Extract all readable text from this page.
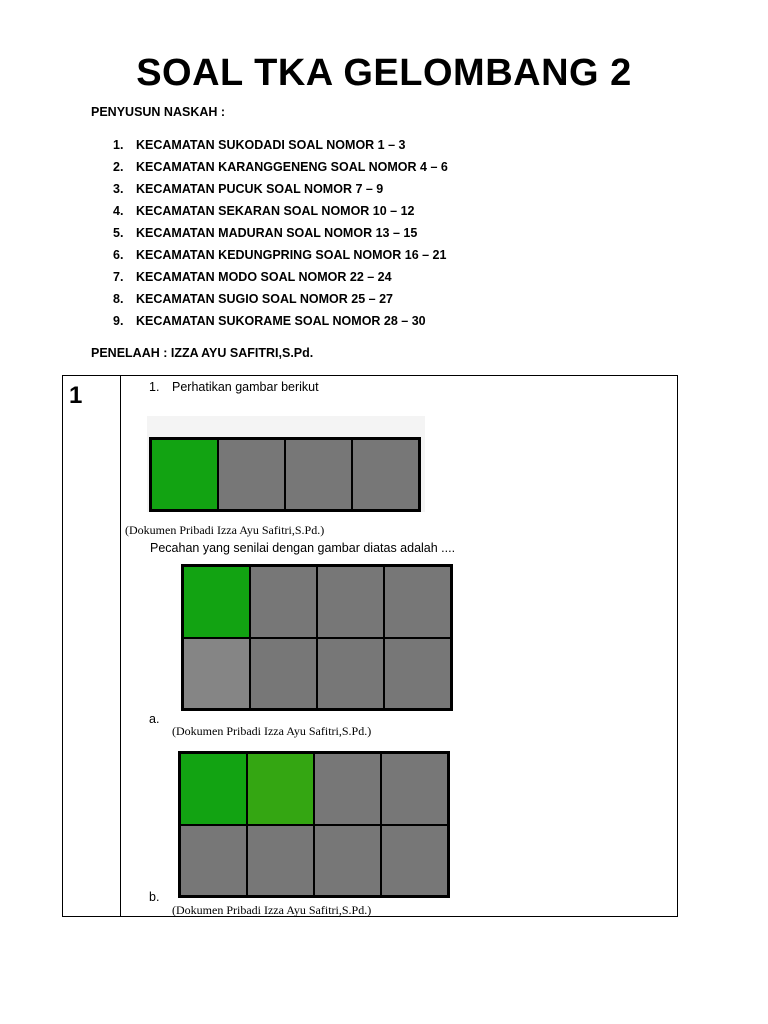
SOAL TKA GELOMBANG 2
PENYUSUN NASKAH :
1. KECAMATAN SUKODADI SOAL NOMOR 1 – 3
2. KECAMATAN KARANGGENENG SOAL NOMOR 4 – 6
3. KECAMATAN PUCUK SOAL NOMOR 7 – 9
4. KECAMATAN SEKARAN SOAL NOMOR 10 – 12
5. KECAMATAN MADURAN SOAL NOMOR 13 – 15
6. KECAMATAN KEDUNGPRING SOAL NOMOR 16 – 21
7. KECAMATAN MODO SOAL NOMOR 22 – 24
8. KECAMATAN SUGIO SOAL NOMOR 25 – 27
9. KECAMATAN SUKORAME SOAL NOMOR 28 – 30
PENELAAH : IZZA AYU SAFITRI,S.Pd.
1	1. Perhatikan gambar berikut
(Dokumen Pribadi Izza Ayu Safitri,S.Pd.)
Pecahan yang senilai dengan gambar diatas adalah ....
a.
(Dokumen Pribadi Izza Ayu Safitri,S.Pd.)
b.
(Dokumen Pribadi Izza Ayu Safitri,S.Pd.)
